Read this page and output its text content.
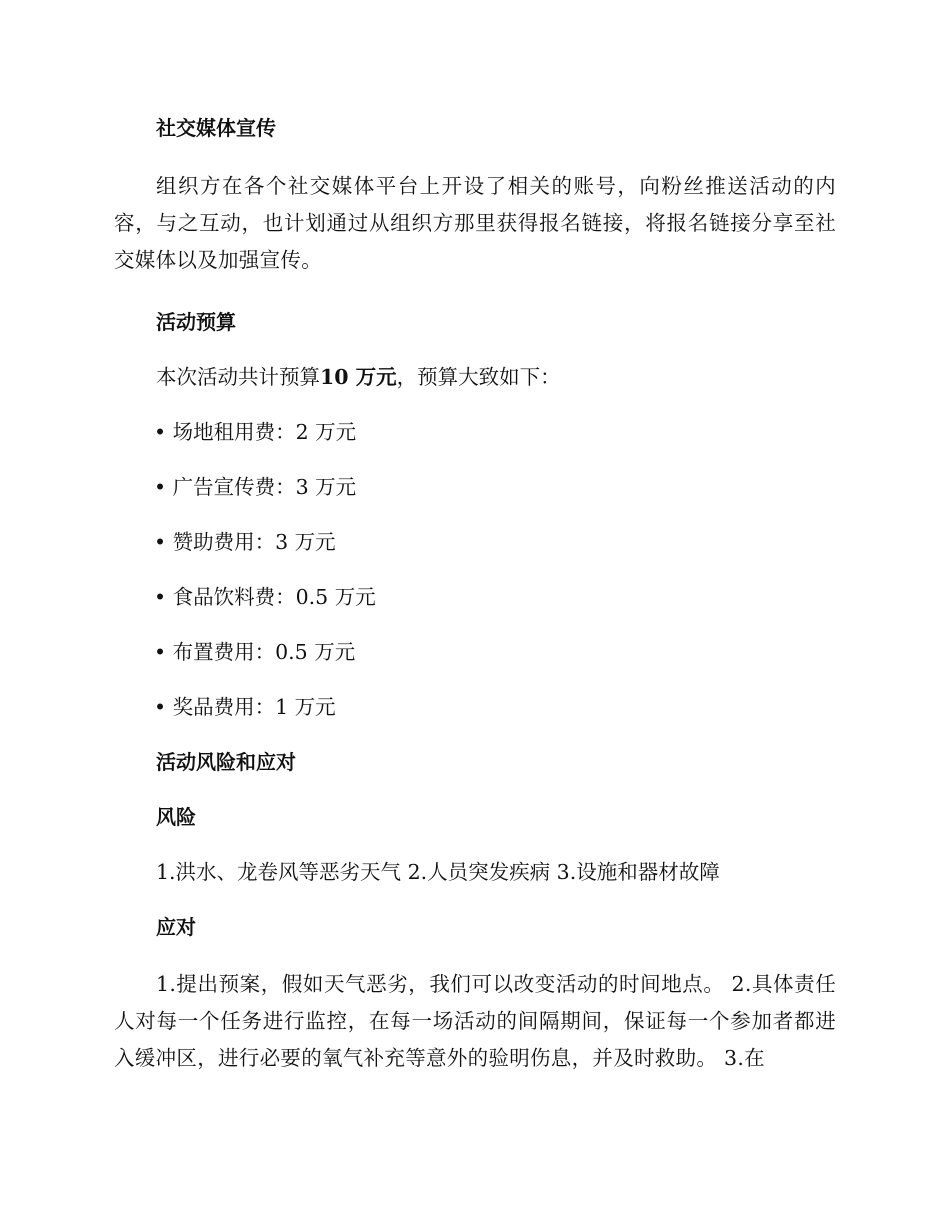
社交媒体宣传

组织方在各个社交媒体平台上开设了相关的账号，向粉丝推送活动的内容，与之互动，也计划通过从组织方那里获得报名链接，将报名链接分享至社交媒体以及加强宣传。

活动预算
本次活动共计预算10 万元，预算大致如下：
• 场地租用费：2 万元
• 广告宣传费：3 万元
• 赞助费用：3 万元
• 食品饮料费：0.5 万元
• 布置费用：0.5 万元
• 奖品费用：1 万元
活动风险和应对
风险
1.洪水、龙卷风等恶劣天气 2.人员突发疾病 3.设施和器材故障
应对

1.提出预案，假如天气恶劣，我们可以改变活动的时间地点。 2.具体责任人对每一个任务进行监控，在每一场活动的间隔期间，保证每一个参加者都进入缓冲区，进行必要的氧气补充等意外的验明伤息，并及时救助。 3.在
